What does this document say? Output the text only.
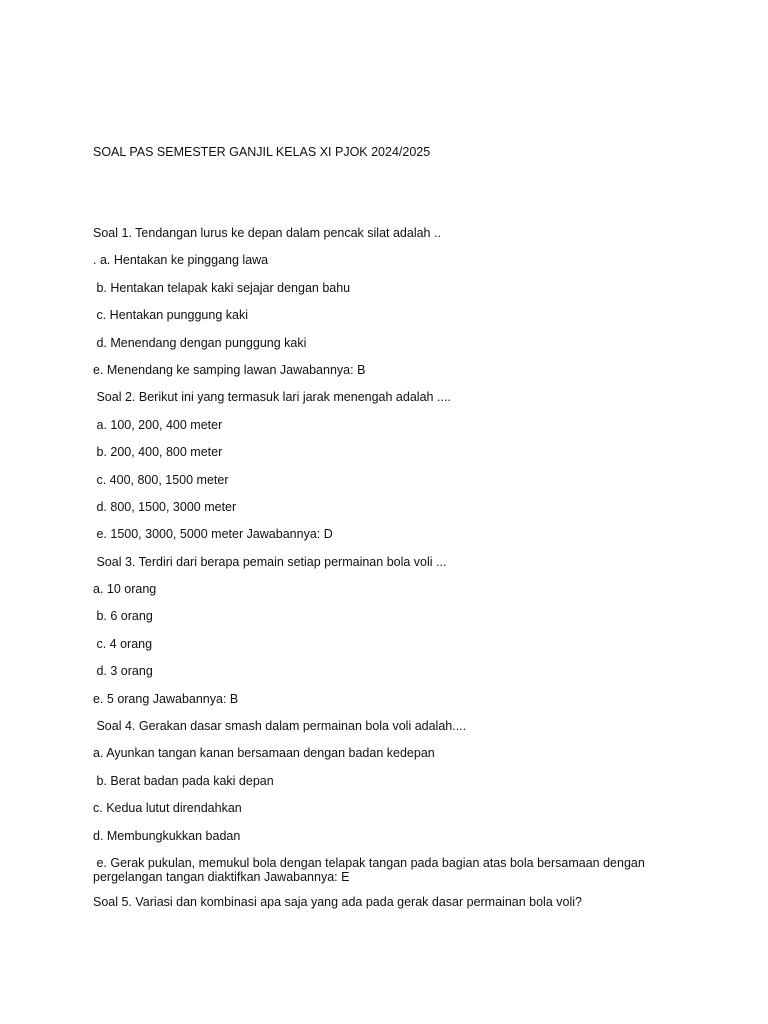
SOAL PAS SEMESTER GANJIL KELAS XI PJOK 2024/2025
Soal 1. Tendangan lurus ke depan dalam pencak silat adalah ..
. a. Hentakan ke pinggang lawa
b. Hentakan telapak kaki sejajar dengan bahu
c. Hentakan punggung kaki
d. Menendang dengan punggung kaki
e. Menendang ke samping lawan Jawabannya: B
Soal 2. Berikut ini yang termasuk lari jarak menengah adalah ....
a. 100, 200, 400 meter
b. 200, 400, 800 meter
c. 400, 800, 1500 meter
d. 800, 1500, 3000 meter
e. 1500, 3000, 5000 meter Jawabannya: D
Soal 3. Terdiri dari berapa pemain setiap permainan bola voli ...
a. 10 orang
b. 6 orang
c. 4 orang
d. 3 orang
e. 5 orang Jawabannya: B
Soal 4. Gerakan dasar smash dalam permainan bola voli adalah....
a. Ayunkan tangan kanan bersamaan dengan badan kedepan
b. Berat badan pada kaki depan
c. Kedua lutut direndahkan
d. Membungkukkan badan
e. Gerak pukulan, memukul bola dengan telapak tangan pada bagian atas bola bersamaan dengan pergelangan tangan diaktifkan Jawabannya: E
Soal 5. Variasi dan kombinasi apa saja yang ada pada gerak dasar permainan bola voli?
